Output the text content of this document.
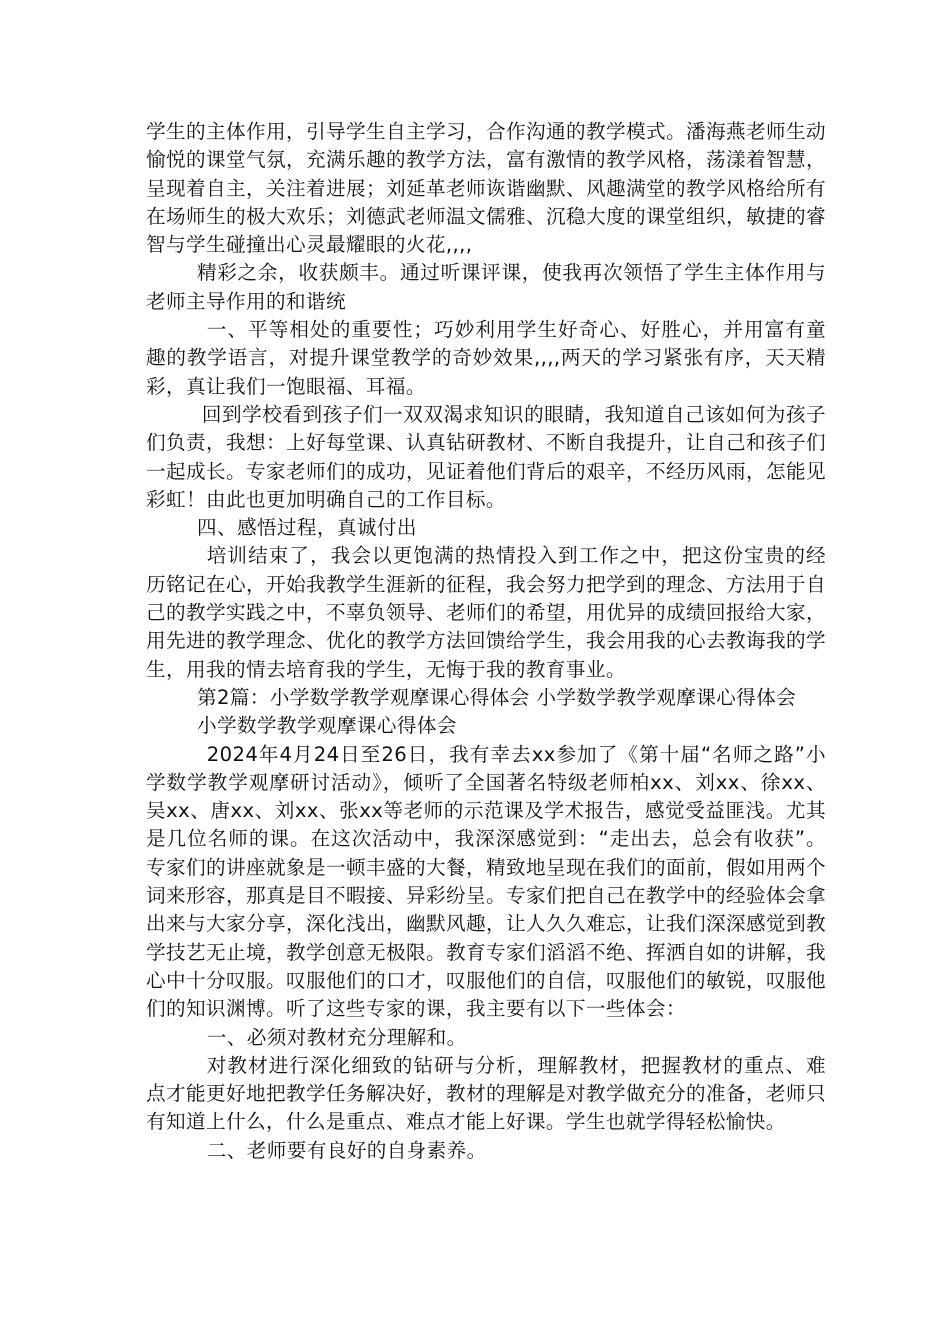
学生的主体作用，引导学生自主学习，合作沟通的教学模式。潘海燕老师生动愉悦的课堂气氛，充满乐趣的教学方法，富有激情的教学风格，荡漾着智慧，呈现着自主，关注着进展；刘延革老师诙谐幽默、风趣满堂的教学风格给所有在场师生的极大欢乐；刘德武老师温文儒雅、沉稳大度的课堂组织，敏捷的睿智与学生碰撞出心灵最耀眼的火花,,,,

精彩之余，收获颇丰。通过听课评课，使我再次领悟了学生主体作用与老师主导作用的和谐统

一、平等相处的重要性；巧妙利用学生好奇心、好胜心，并用富有童趣的教学语言，对提升课堂教学的奇妙效果,,,,两天的学习紧张有序，天天精彩，真让我们一饱眼福、耳福。

回到学校看到孩子们一双双渴求知识的眼睛，我知道自己该如何为孩子们负责，我想：上好每堂课、认真钻研教材、不断自我提升，让自己和孩子们一起成长。专家老师们的成功，见证着他们背后的艰辛，不经历风雨，怎能见彩虹！由此也更加明确自己的工作目标。

四、感悟过程，真诚付出

培训结束了，我会以更饱满的热情投入到工作之中，把这份宝贵的经历铭记在心，开始我教学生涯新的征程，我会努力把学到的理念、方法用于自己的教学实践之中，不辜负领导、老师们的希望，用优异的成绩回报给大家，用先进的教学理念、优化的教学方法回馈给学生，我会用我的心去教诲我的学生，用我的情去培育我的学生，无悔于我的教育事业。

第2篇：小学数学教学观摩课心得体会 小学数学教学观摩课心得体会

小学数学教学观摩课心得体会

2024年4月24日至26日，我有幸去xx参加了《第十届“名师之路”小学数学教学观摩研讨活动》，倾听了全国著名特级老师柏xx、刘xx、徐xx、吴xx、唐xx、刘xx、张xx等老师的示范课及学术报告，感觉受益匪浅。尤其是几位名师的课。在这次活动中，我深深感觉到：“走出去，总会有收获”。专家们的讲座就象是一顿丰盛的大餐，精致地呈现在我们的面前，假如用两个词来形容，那真是目不暇接、异彩纷呈。专家们把自己在教学中的经验体会拿出来与大家分享，深化浅出，幽默风趣，让人久久难忘，让我们深深感觉到教学技艺无止境，教学创意无极限。教育专家们滔滔不绝、挥洒自如的讲解，我心中十分叹服。叹服他们的口才，叹服他们的自信，叹服他们的敏锐，叹服他们的知识渊博。听了这些专家的课，我主要有以下一些体会：

一、必须对教材充分理解和。

对教材进行深化细致的钻研与分析，理解教材，把握教材的重点、难点才能更好地把教学任务解决好，教材的理解是对教学做充分的准备，老师只有知道上什么，什么是重点、难点才能上好课。学生也就学得轻松愉快。

二、老师要有良好的自身素养。
